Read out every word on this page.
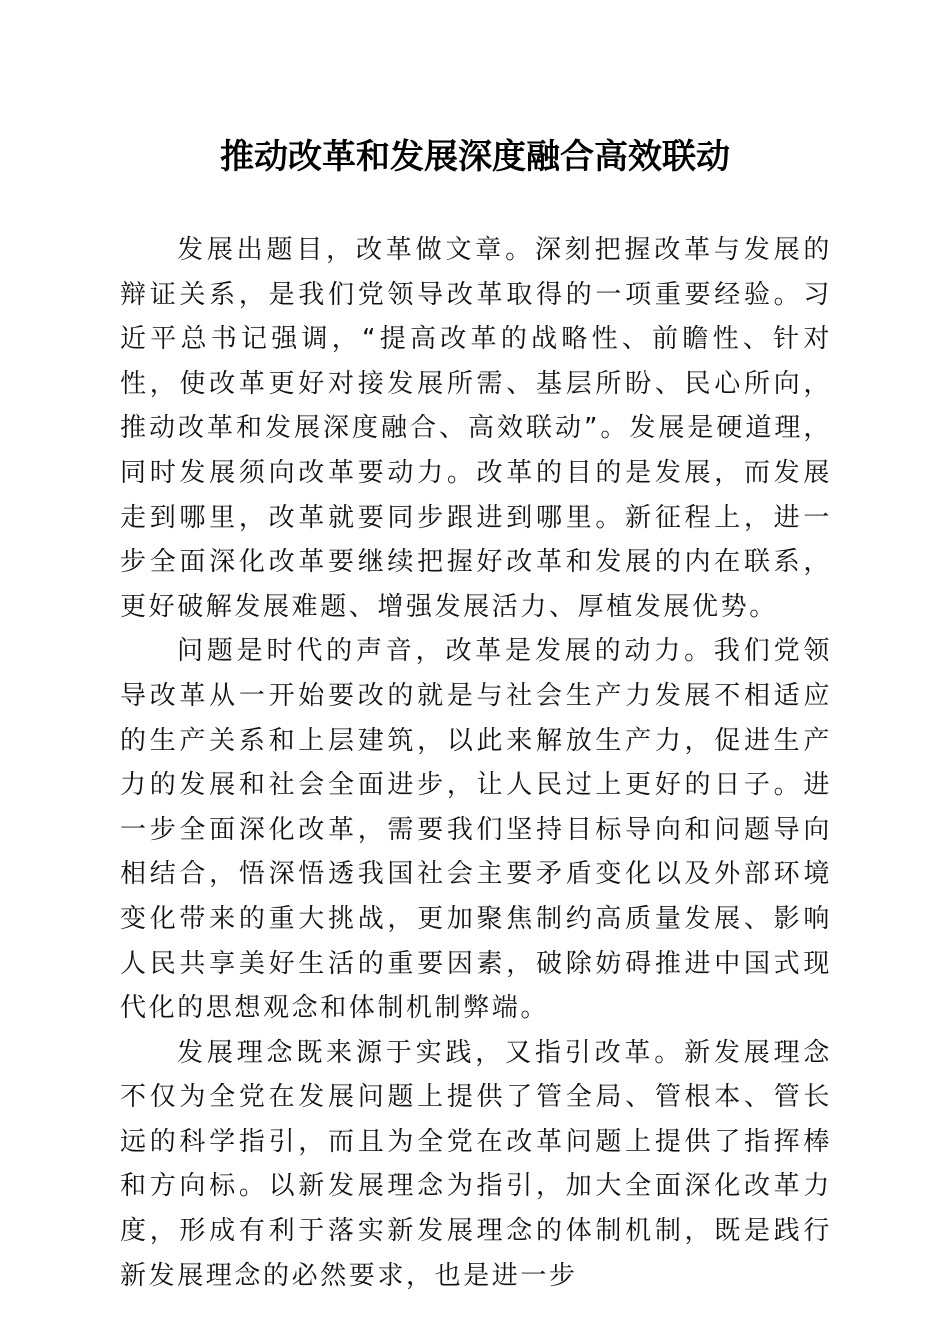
推动改革和发展深度融合高效联动

发展出题目，改革做文章。深刻把握改革与发展的辩证关系，是我们党领导改革取得的一项重要经验。习近平总书记强调，“提高改革的战略性、前瞻性、针对性，使改革更好对接发展所需、基层所盼、民心所向，推动改革和发展深度融合、高效联动”。发展是硬道理，同时发展须向改革要动力。改革的目的是发展，而发展走到哪里，改革就要同步跟进到哪里。新征程上，进一步全面深化改革要继续把握好改革和发展的内在联系，更好破解发展难题、增强发展活力、厚植发展优势。

问题是时代的声音，改革是发展的动力。我们党领导改革从一开始要改的就是与社会生产力发展不相适应的生产关系和上层建筑，以此来解放生产力，促进生产力的发展和社会全面进步，让人民过上更好的日子。进一步全面深化改革，需要我们坚持目标导向和问题导向相结合，悟深悟透我国社会主要矛盾变化以及外部环境变化带来的重大挑战，更加聚焦制约高质量发展、影响人民共享美好生活的重要因素，破除妨碍推进中国式现代化的思想观念和体制机制弊端。

发展理念既来源于实践，又指引改革。新发展理念不仅为全党在发展问题上提供了管全局、管根本、管长远的科学指引，而且为全党在改革问题上提供了指挥棒和方向标。以新发展理念为指引，加大全面深化改革力度，形成有利于落实新发展理念的体制机制，既是践行新发展理念的必然要求，也是进一步
